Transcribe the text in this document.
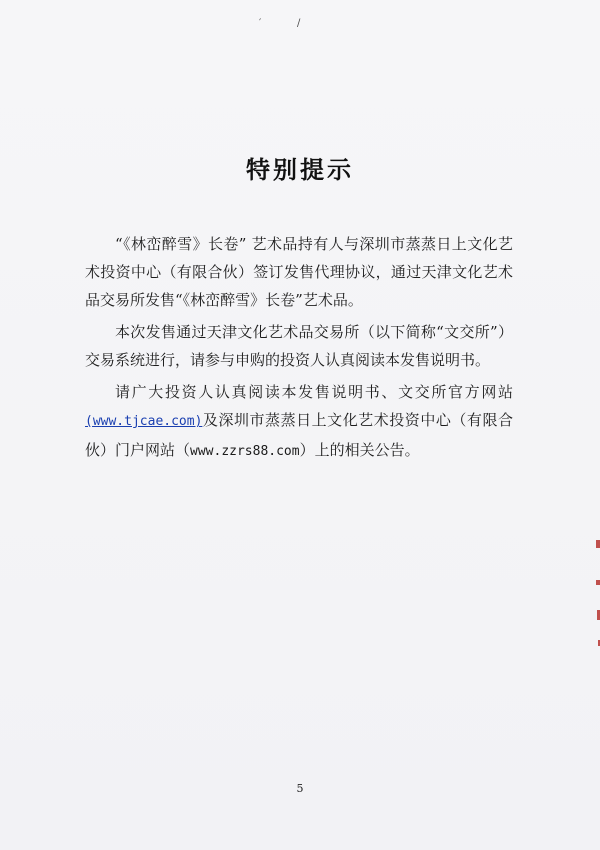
′	/
特别提示

“《林峦醉雪》长卷” 艺术品持有人与深圳市蒸蒸日上文化艺术投资中心（有限合伙）签订发售代理协议，通过天津文化艺术品交易所发售“《林峦醉雪》长卷”艺术品。

本次发售通过天津文化艺术品交易所（以下简称“文交所”）交易系统进行，请参与申购的投资人认真阅读本发售说明书。

请广大投资人认真阅读本发售说明书、文交所官方网站(www.tjcae.com)及深圳市蒸蒸日上文化艺术投资中心（有限合伙）门户网站（www.zzrs88.com）上的相关公告。

5
